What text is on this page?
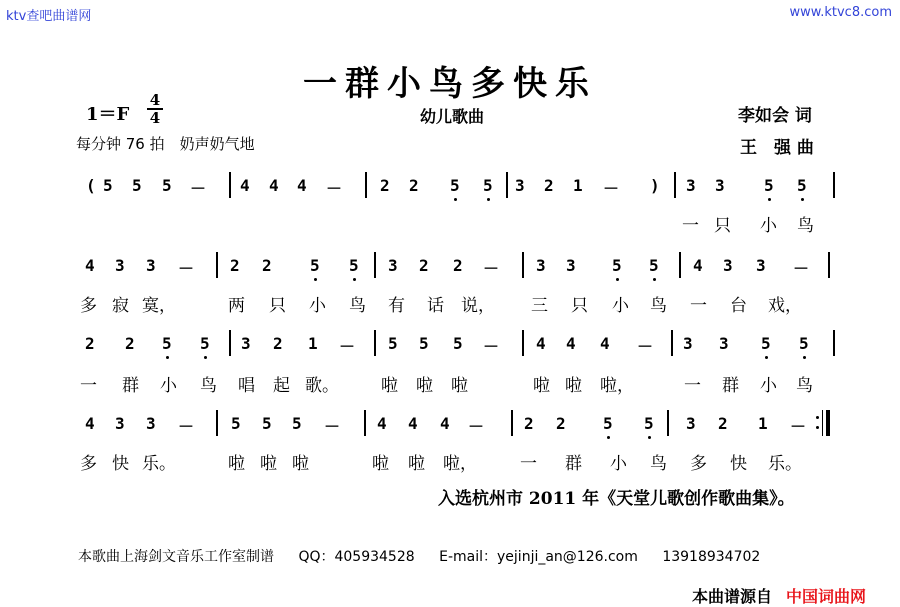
ktv查吧曲谱网	www.ktvc8.com
一群小鸟多快乐
1＝F
4
4	幼儿歌曲	李如会 词
每分钟 76 拍　奶声奶气地	王　强 曲
( 5 5 5 － 4 4 4 － 2 2 5 5 3 2 1 － ) 3 3 5 5
一 只 小 鸟
4 3 3 － 2 2 5 5 3 2 2 － 3 3 5 5 4 3 3 －
多 寂 寞，	两 只 小 鸟 有 话 说， 三 只 小 鸟 一 台 戏，
2 2 5 5 3 2 1 － 5 5 5 － 4 4 4 － 3 3 5 5
一 群 小 鸟 唱 起 歌。 啦 啦 啦	啦 啦 啦，	一 群 小 鸟
4 3 3 － 5 5 5 － 4 4 4 － 2 2 5 5 3 2 1 －
多 快 乐。	啦 啦 啦	啦 啦 啦，	一 群 小 鸟 多 快 乐。
入选杭州市 2011 年《天堂儿歌创作歌曲集》。
本歌曲上海剑文音乐工作室制谱 QQ：405934528 E-mail：yejinji_an@126.com 13918934702
本曲谱源自 中国词曲网
